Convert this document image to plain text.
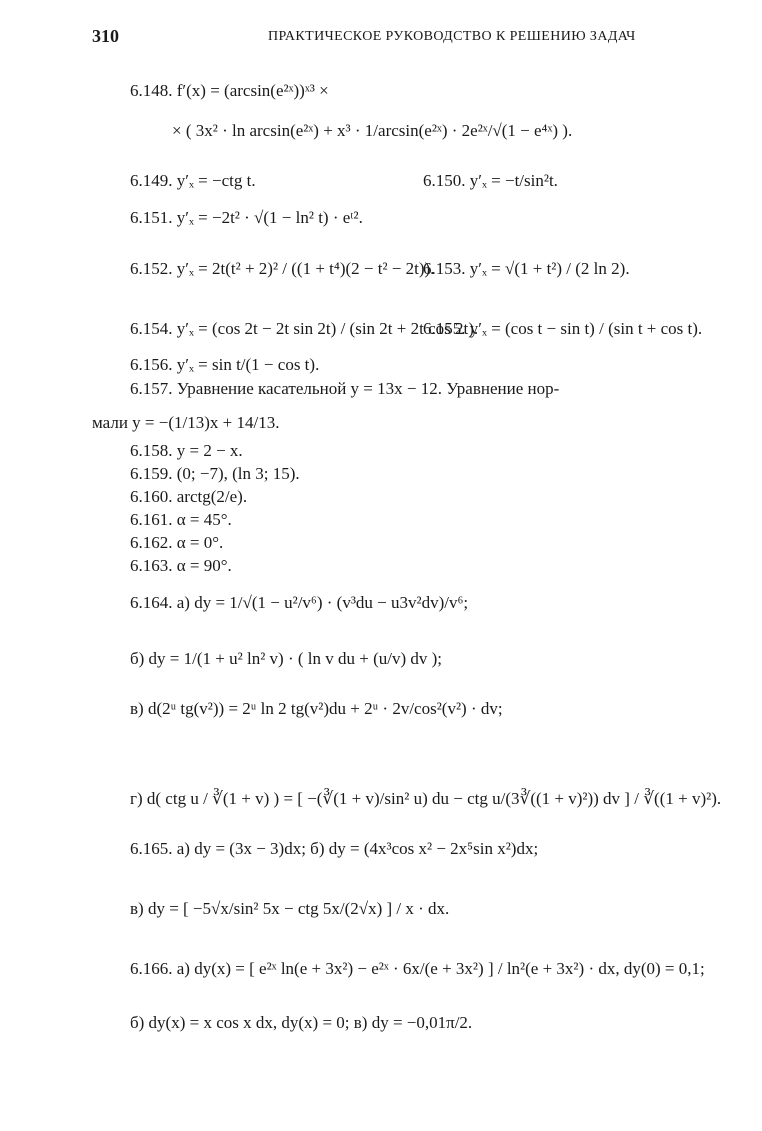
310	ПРАКТИЧЕСКОЕ РУКОВОДСТВО К РЕШЕНИЮ ЗАДАЧ
6.148. f′(x) = (arcsin(e²ˣ))ˣ³ ×
× ( 3x² · ln arcsin(e²ˣ) + x³ · 1/arcsin(e²ˣ) · 2e²ˣ/√(1 − e⁴ˣ) ).
6.149. y′ₓ = −ctg t.	6.150. y′ₓ = −t/sin²t.
6.151. y′ₓ = −2t² · √(1 − ln² t) · eᵗ².
6.152. y′ₓ = 2t(t² + 2)² / ((1 + t⁴)(2 − t² − 2t)).
6.153. y′ₓ = √(1 + t²) / (2 ln 2).
6.154. y′ₓ = (cos 2t − 2t sin 2t) / (sin 2t + 2t cos 2t).
6.155. y′ₓ = (cos t − sin t) / (sin t + cos t).
6.156. y′ₓ = sin t/(1 − cos t).
6.157. Уравнение касательной y = 13x − 12. Уравнение нор-
мали y = −(1/13)x + 14/13.
6.158. y = 2 − x.
6.159. (0; −7), (ln 3; 15).
6.160. arctg(2/e).
6.161. α = 45°.
6.162. α = 0°.
6.163. α = 90°.
6.164. а) dy = 1/√(1 − u²/v⁶) · (v³du − u3v²dv)/v⁶;
б) dy = 1/(1 + u² ln² v) · ( ln v du + (u/v) dv );
в) d(2ᵘ tg(v²)) = 2ᵘ ln 2 tg(v²)du + 2ᵘ · 2v/cos²(v²) · dv;
г) d( ctg u / ∛(1 + v) ) = [ −(∛(1 + v)/sin² u) du − ctg u/(3∛((1 + v)²)) dv ] / ∛((1 + v)²).
6.165. а) dy = (3x − 3)dx; б) dy = (4x³cos x² − 2x⁵sin x²)dx;
в) dy = [ −5√x/sin² 5x − ctg 5x/(2√x) ] / x · dx.
6.166. а) dy(x) = [ e²ˣ ln(e + 3x²) − e²ˣ · 6x/(e + 3x²) ] / ln²(e + 3x²) · dx, dy(0) = 0,1;
б) dy(x) = x cos x dx, dy(x) = 0; в) dy = −0,01π/2.
